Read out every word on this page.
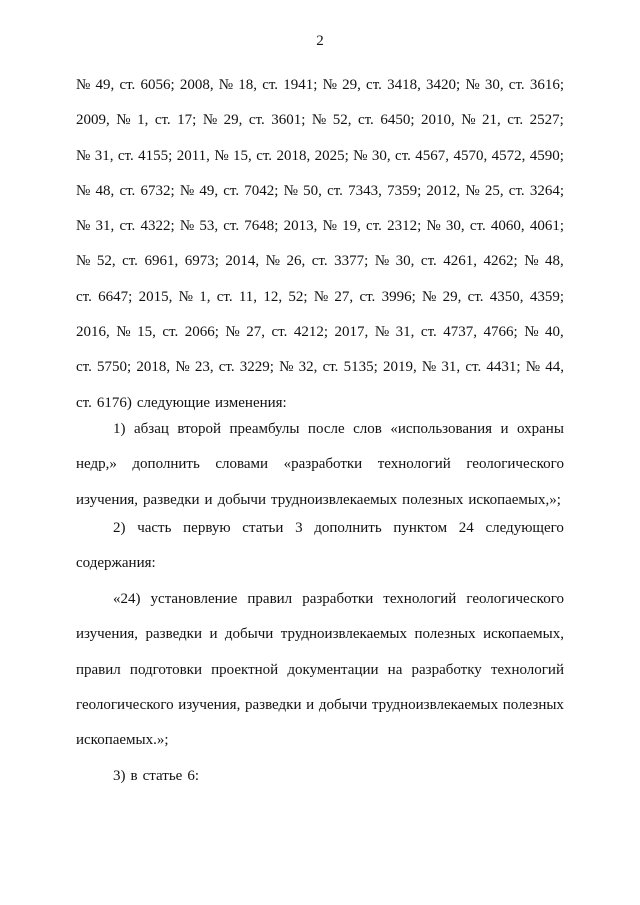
2
№ 49, ст. 6056; 2008, № 18, ст. 1941; № 29, ст. 3418, 3420; № 30, ст. 3616;
2009, № 1, ст. 17; № 29, ст. 3601; № 52, ст. 6450; 2010, № 21, ст. 2527;
№ 31, ст. 4155; 2011, № 15, ст. 2018, 2025; № 30, ст. 4567, 4570, 4572, 4590;
№ 48, ст. 6732; № 49, ст. 7042; № 50, ст. 7343, 7359; 2012, № 25, ст. 3264;
№ 31, ст. 4322; № 53, ст. 7648; 2013, № 19, ст. 2312; № 30, ст. 4060, 4061;
№ 52, ст. 6961, 6973; 2014, № 26, ст. 3377; № 30, ст. 4261, 4262; № 48,
ст. 6647; 2015, № 1, ст. 11, 12, 52; № 27, ст. 3996; № 29, ст. 4350, 4359;
2016, № 15, ст. 2066; № 27, ст. 4212; 2017, № 31, ст. 4737, 4766; № 40,
ст. 5750; 2018, № 23, ст. 3229; № 32, ст. 5135; 2019, № 31, ст. 4431; № 44,
ст. 6176) следующие изменения:
1) абзац второй преамбулы после слов «использования и охраны
недр,» дополнить словами «разработки технологий геологического
изучения, разведки и добычи трудноизвлекаемых полезных ископаемых,»;
2) часть первую статьи 3 дополнить пунктом 24 следующего
содержания:
«24) установление правил разработки технологий геологического
изучения, разведки и добычи трудноизвлекаемых полезных ископаемых,
правил подготовки проектной документации на разработку технологий
геологического изучения, разведки и добычи трудноизвлекаемых полезных
ископаемых.»;
3) в статье 6:
